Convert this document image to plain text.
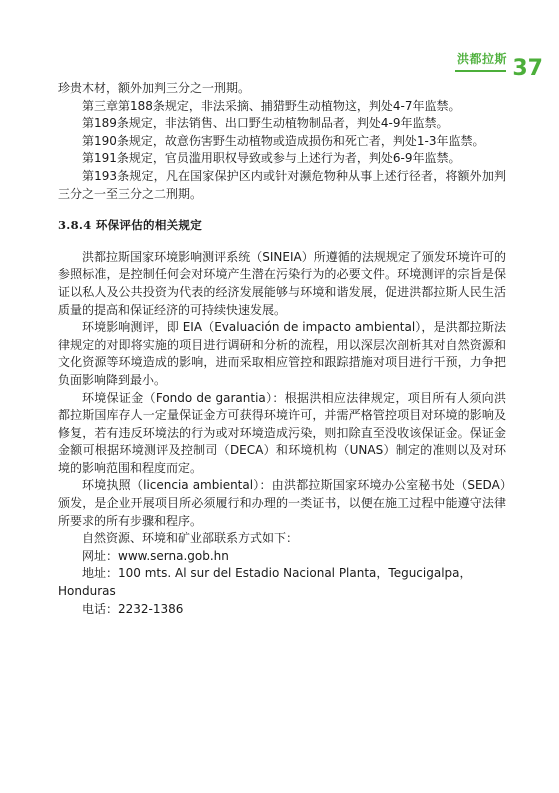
洪都拉斯 37

珍贵木材，额外加判三分之一刑期。

第三章第188条规定，非法采摘、捕猎野生动植物这，判处4-7年监禁。

第189条规定，非法销售、出口野生动植物制品者，判处4-9年监禁。

第190条规定，故意伤害野生动植物或造成损伤和死亡者，判处1-3年监禁。

第191条规定，官员滥用职权导致或参与上述行为者，判处6-9年监禁。

第193条规定，凡在国家保护区内或针对濒危物种从事上述行径者，将额外加判三分之一至三分之二刑期。

3.8.4 环保评估的相关规定

洪都拉斯国家环境影响测评系统（SINEIA）所遵循的法规规定了颁发环境许可的参照标准，是控制任何会对环境产生潜在污染行为的必要文件。环境测评的宗旨是保证以私人及公共投资为代表的经济发展能够与环境和谐发展，促进洪都拉斯人民生活质量的提高和保证经济的可持续快速发展。

环境影响测评，即 EIA（Evaluación de impacto ambiental），是洪都拉斯法律规定的对即将实施的项目进行调研和分析的流程，用以深层次剖析其对自然资源和文化资源等环境造成的影响，进而采取相应管控和跟踪措施对项目进行干预，力争把负面影响降到最小。

环境保证金（Fondo de garantia）：根据洪相应法律规定，项目所有人须向洪都拉斯国库存人一定量保证金方可获得环境许可，并需严格管控项目对环境的影响及修复，若有违反环境法的行为或对环境造成污染，则扣除直至没收该保证金。保证金金额可根据环境测评及控制司（DECA）和环境机构（UNAS）制定的准则以及对环境的影响范围和程度而定。

环境执照（licencia ambiental）：由洪都拉斯国家环境办公室秘书处（SEDA）颁发，是企业开展项目所必须履行和办理的一类证书，以便在施工过程中能遵守法律所要求的所有步骤和程序。

自然资源、环境和矿业部联系方式如下：

网址：www.serna.gob.hn

地址：100 mts. Al sur del Estadio Nacional Planta，Tegucigalpa，

Honduras

电话：2232-1386
